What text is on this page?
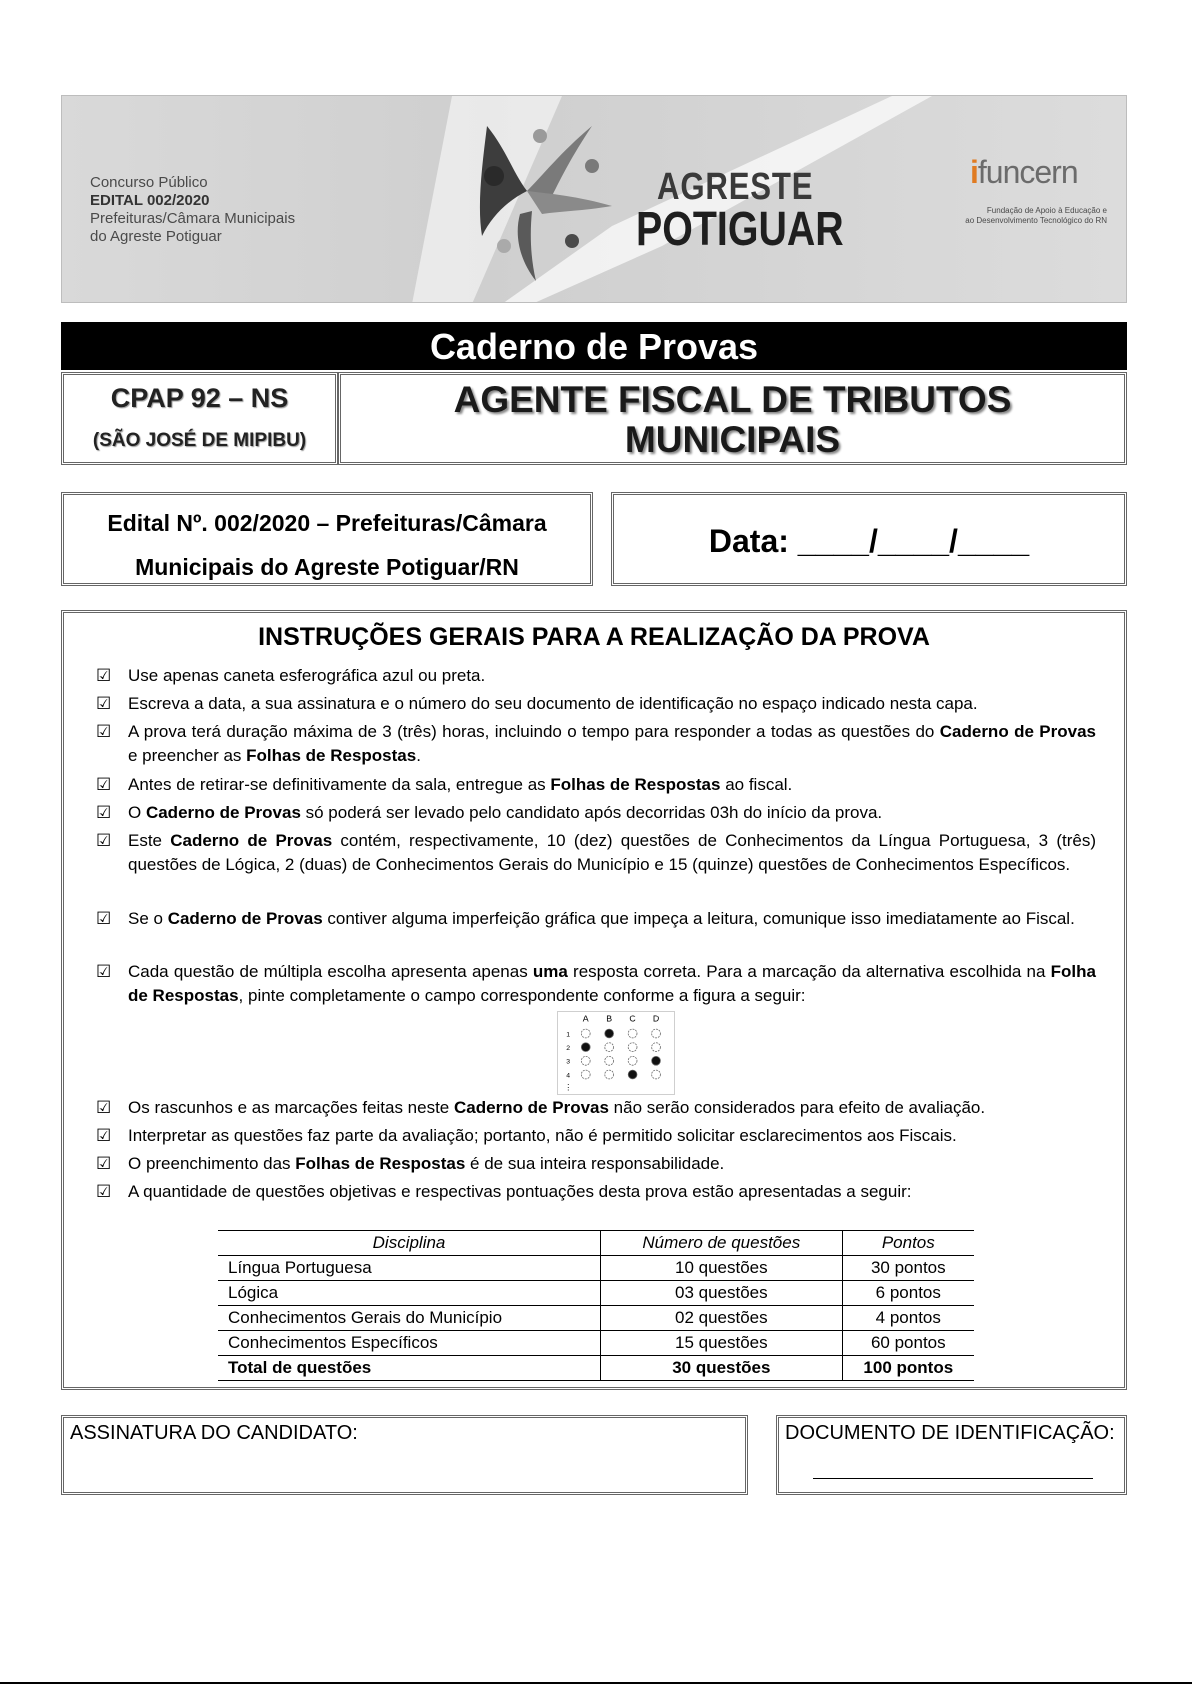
Concurso Público
EDITAL 002/2020
Prefeituras/Câmara Municipais
do Agreste Potiguar
AGRESTE
POTIGUAR
ifuncern
Fundação de Apoio à Educação e
ao Desenvolvimento Tecnológico do RN
Caderno de Provas
CPAP 92 – NS
(SÃO JOSÉ DE MIPIBU)
AGENTE FISCAL DE TRIBUTOS
MUNICIPAIS
Edital Nº. 002/2020 – Prefeituras/Câmara
Municipais do Agreste Potiguar/RN
Data: ____/____/____
INSTRUÇÕES GERAIS PARA A REALIZAÇÃO DA PROVA
☑ Use apenas caneta esferográfica azul ou preta.
☑ Escreva a data, a sua assinatura e o número do seu documento de identificação no espaço indicado nesta capa.
☑ A prova terá duração máxima de 3 (três) horas, incluindo o tempo para responder a todas as questões do Caderno de Provas e preencher as Folhas de Respostas.
☑ Antes de retirar-se definitivamente da sala, entregue as Folhas de Respostas ao fiscal.
☑ O Caderno de Provas só poderá ser levado pelo candidato após decorridas 03h do início da prova.
☑ Este Caderno de Provas contém, respectivamente, 10 (dez) questões de Conhecimentos da Língua Portuguesa, 3 (três) questões de Lógica, 2 (duas) de Conhecimentos Gerais do Município e 15 (quinze) questões de Conhecimentos Específicos.
☑ Se o Caderno de Provas contiver alguma imperfeição gráfica que impeça a leitura, comunique isso imediatamente ao Fiscal.
☑ Cada questão de múltipla escolha apresenta apenas uma resposta correta. Para a marcação da alternativa escolhida na Folha de Respostas, pinte completamente o campo correspondente conforme a figura a seguir:
A B C D
1
2
3
4
⋮
☑ Os rascunhos e as marcações feitas neste Caderno de Provas não serão considerados para efeito de avaliação.
☑ Interpretar as questões faz parte da avaliação; portanto, não é permitido solicitar esclarecimentos aos Fiscais.
☑ O preenchimento das Folhas de Respostas é de sua inteira responsabilidade.
☑ A quantidade de questões objetivas e respectivas pontuações desta prova estão apresentadas a seguir:
Disciplina	Número de questões	Pontos
Língua Portuguesa	10 questões	30 pontos
Lógica	03 questões	6 pontos
Conhecimentos Gerais do Município	02 questões	4 pontos
Conhecimentos Específicos	15 questões	60 pontos
Total de questões	30 questões	100 pontos
ASSINATURA DO CANDIDATO:	DOCUMENTO DE IDENTIFICAÇÃO:
